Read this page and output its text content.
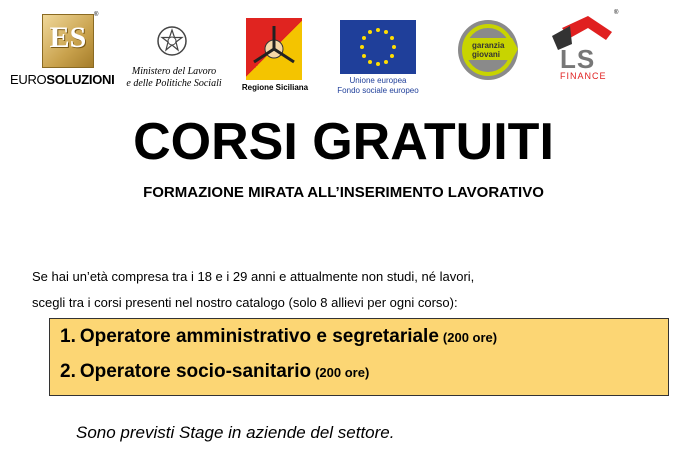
ES
®
EUROSOLUZIONI
Ministero del Lavoro
e delle Politiche Sociali	Regione Siciliana
Unione europea
Fondo sociale europeo
garanzia
giovani LS
FINANCE
®
CORSI GRATUITI
FORMAZIONE MIRATA ALL’INSERIMENTO LAVORATIVO
Se hai un’età compresa tra i 18 e i 29 anni e attualmente non studi, né lavori,
scegli tra i corsi presenti nel nostro catalogo (solo 8 allievi per ogni corso):
1. Operatore amministrativo e segretariale (200 ore)
2. Operatore socio-sanitario (200 ore)
Sono previsti Stage in aziende del settore.
